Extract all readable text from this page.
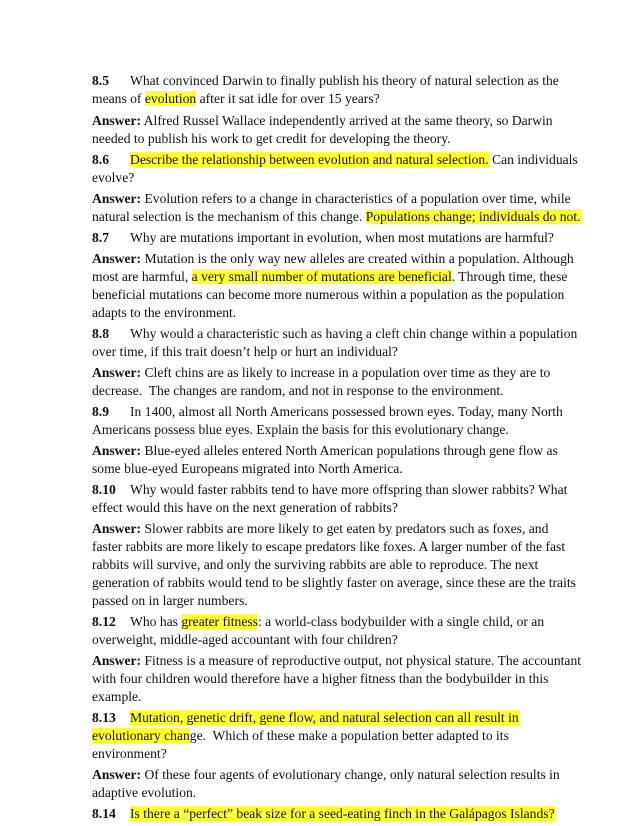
8.5 What convinced Darwin to finally publish his theory of natural selection as the
means of evolution after it sat idle for over 15 years?
Answer: Alfred Russel Wallace independently arrived at the same theory, so Darwin
needed to publish his work to get credit for developing the theory.
8.6 Describe the relationship between evolution and natural selection. Can individuals
evolve?
Answer: Evolution refers to a change in characteristics of a population over time, while
natural selection is the mechanism of this change. Populations change; individuals do not.
8.7 Why are mutations important in evolution, when most mutations are harmful?
Answer: Mutation is the only way new alleles are created within a population. Although
most are harmful, a very small number of mutations are beneficial. Through time, these
beneficial mutations can become more numerous within a population as the population
adapts to the environment.
8.8 Why would a characteristic such as having a cleft chin change within a population
over time, if this trait doesn’t help or hurt an individual?
Answer: Cleft chins are as likely to increase in a population over time as they are to
decrease.  The changes are random, and not in response to the environment.
8.9 In 1400, almost all North Americans possessed brown eyes. Today, many North
Americans possess blue eyes. Explain the basis for this evolutionary change.
Answer: Blue-eyed alleles entered North American populations through gene flow as
some blue-eyed Europeans migrated into North America.
8.10 Why would faster rabbits tend to have more offspring than slower rabbits? What
effect would this have on the next generation of rabbits?
Answer: Slower rabbits are more likely to get eaten by predators such as foxes, and
faster rabbits are more likely to escape predators like foxes. A larger number of the fast
rabbits will survive, and only the surviving rabbits are able to reproduce. The next
generation of rabbits would tend to be slightly faster on average, since these are the traits
passed on in larger numbers.
8.12 Who has greater fitness: a world-class bodybuilder with a single child, or an
overweight, middle-aged accountant with four children?
Answer: Fitness is a measure of reproductive output, not physical stature. The accountant
with four children would therefore have a higher fitness than the bodybuilder in this
example.
8.13 Mutation, genetic drift, gene flow, and natural selection can all result in
evolutionary change.  Which of these make a population better adapted to its
environment?
Answer: Of these four agents of evolutionary change, only natural selection results in
adaptive evolution.
8.14 Is there a “perfect” beak size for a seed-eating finch in the Galápagos Islands?
